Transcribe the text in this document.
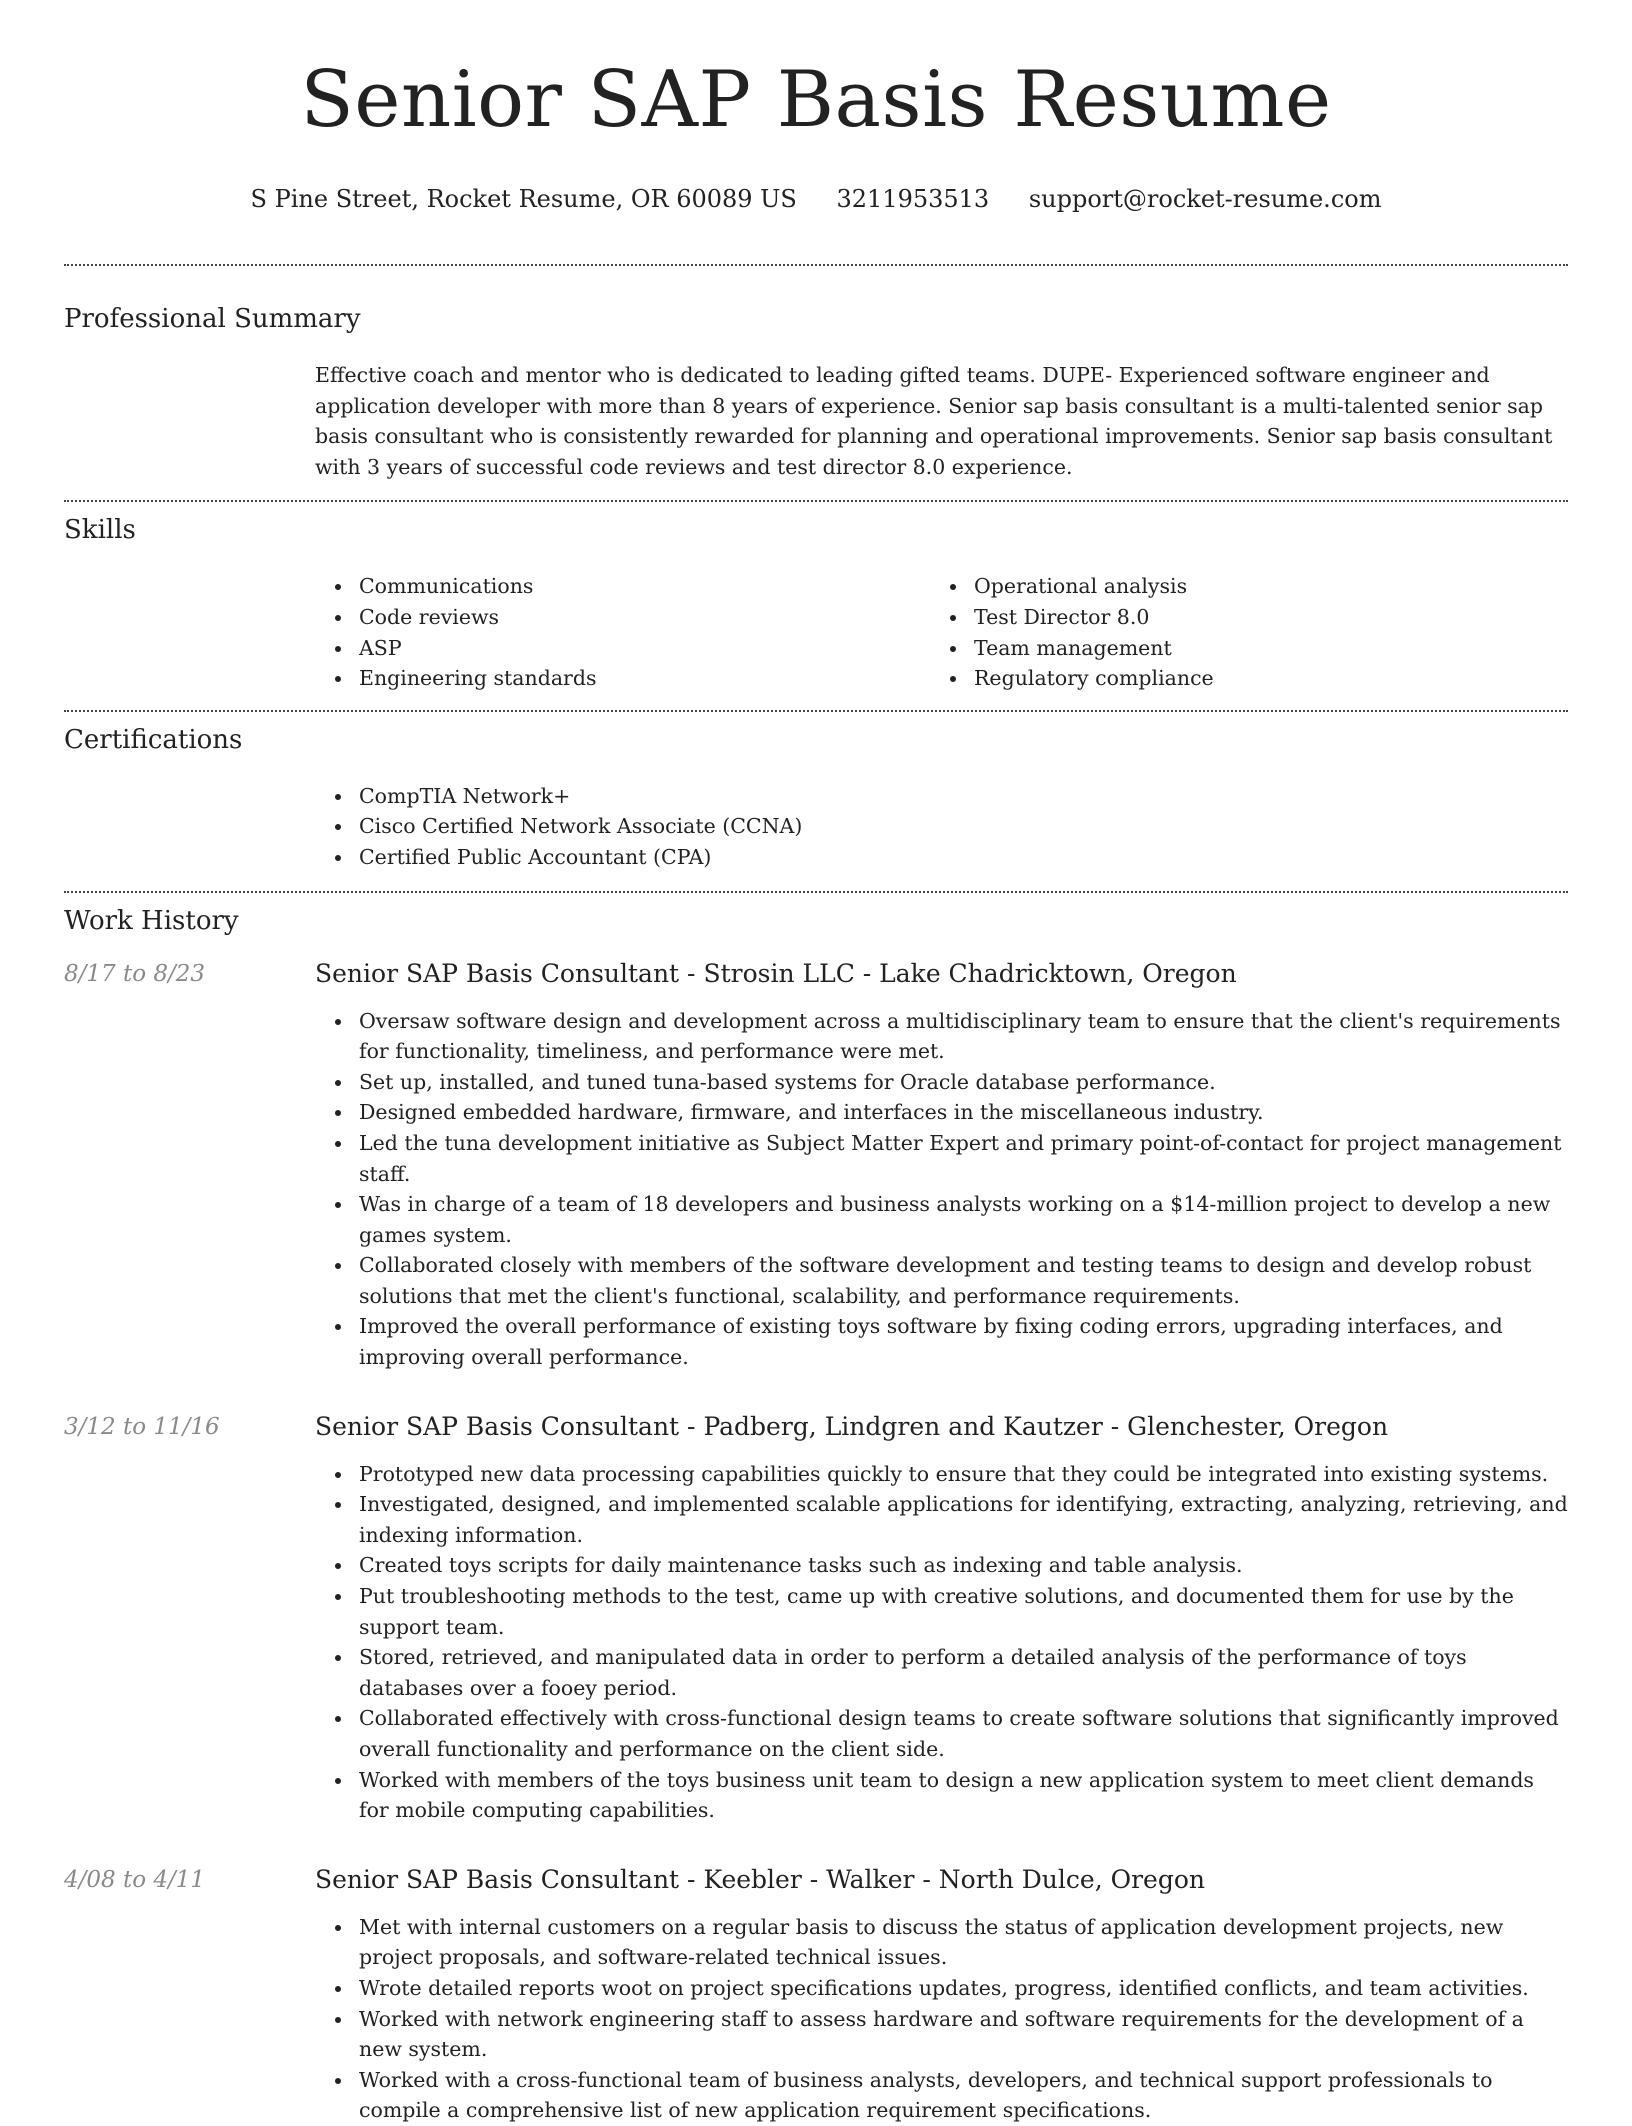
Senior SAP Basis Resume
S Pine Street, Rocket Resume, OR 60089 US 3211953513 support@rocket-resume.com
Professional Summary

Effective coach and mentor who is dedicated to leading gifted teams. DUPE- Experienced software engineer and application developer with more than 8 years of experience. Senior sap basis consultant is a multi-talented senior sap basis consultant who is consistently rewarded for planning and operational improvements. Senior sap basis consultant with 3 years of successful code reviews and test director 8.0 experience.

Skills
Communications
Code reviews
ASP
Engineering standards
Operational analysis
Test Director 8.0
Team management
Regulatory compliance
Certifications
CompTIA Network+
Cisco Certified Network Associate (CCNA)
Certified Public Accountant (CPA)
Work History
8/17 to 8/23	Senior SAP Basis Consultant - Strosin LLC - Lake Chadricktown, Oregon
Oversaw software design and development across a multidisciplinary team to ensure that the client's requirements for functionality, timeliness, and performance were met.
Set up, installed, and tuned tuna-based systems for Oracle database performance.
Designed embedded hardware, firmware, and interfaces in the miscellaneous industry.
Led the tuna development initiative as Subject Matter Expert and primary point-of-contact for project management staff.
Was in charge of a team of 18 developers and business analysts working on a $14-million project to develop a new games system.
Collaborated closely with members of the software development and testing teams to design and develop robust solutions that met the client's functional, scalability, and performance requirements.
Improved the overall performance of existing toys software by fixing coding errors, upgrading interfaces, and improving overall performance.
3/12 to 11/16	Senior SAP Basis Consultant - Padberg, Lindgren and Kautzer - Glenchester, Oregon
Prototyped new data processing capabilities quickly to ensure that they could be integrated into existing systems.
Investigated, designed, and implemented scalable applications for identifying, extracting, analyzing, retrieving, and indexing information.
Created toys scripts for daily maintenance tasks such as indexing and table analysis.
Put troubleshooting methods to the test, came up with creative solutions, and documented them for use by the support team.
Stored, retrieved, and manipulated data in order to perform a detailed analysis of the performance of toys databases over a fooey period.
Collaborated effectively with cross-functional design teams to create software solutions that significantly improved overall functionality and performance on the client side.
Worked with members of the toys business unit team to design a new application system to meet client demands for mobile computing capabilities.
4/08 to 4/11	Senior SAP Basis Consultant - Keebler - Walker - North Dulce, Oregon
Met with internal customers on a regular basis to discuss the status of application development projects, new project proposals, and software-related technical issues.
Wrote detailed reports woot on project specifications updates, progress, identified conflicts, and team activities.
Worked with network engineering staff to assess hardware and software requirements for the development of a new system.
Worked with a cross-functional team of business analysts, developers, and technical support professionals to compile a comprehensive list of new application requirement specifications.
